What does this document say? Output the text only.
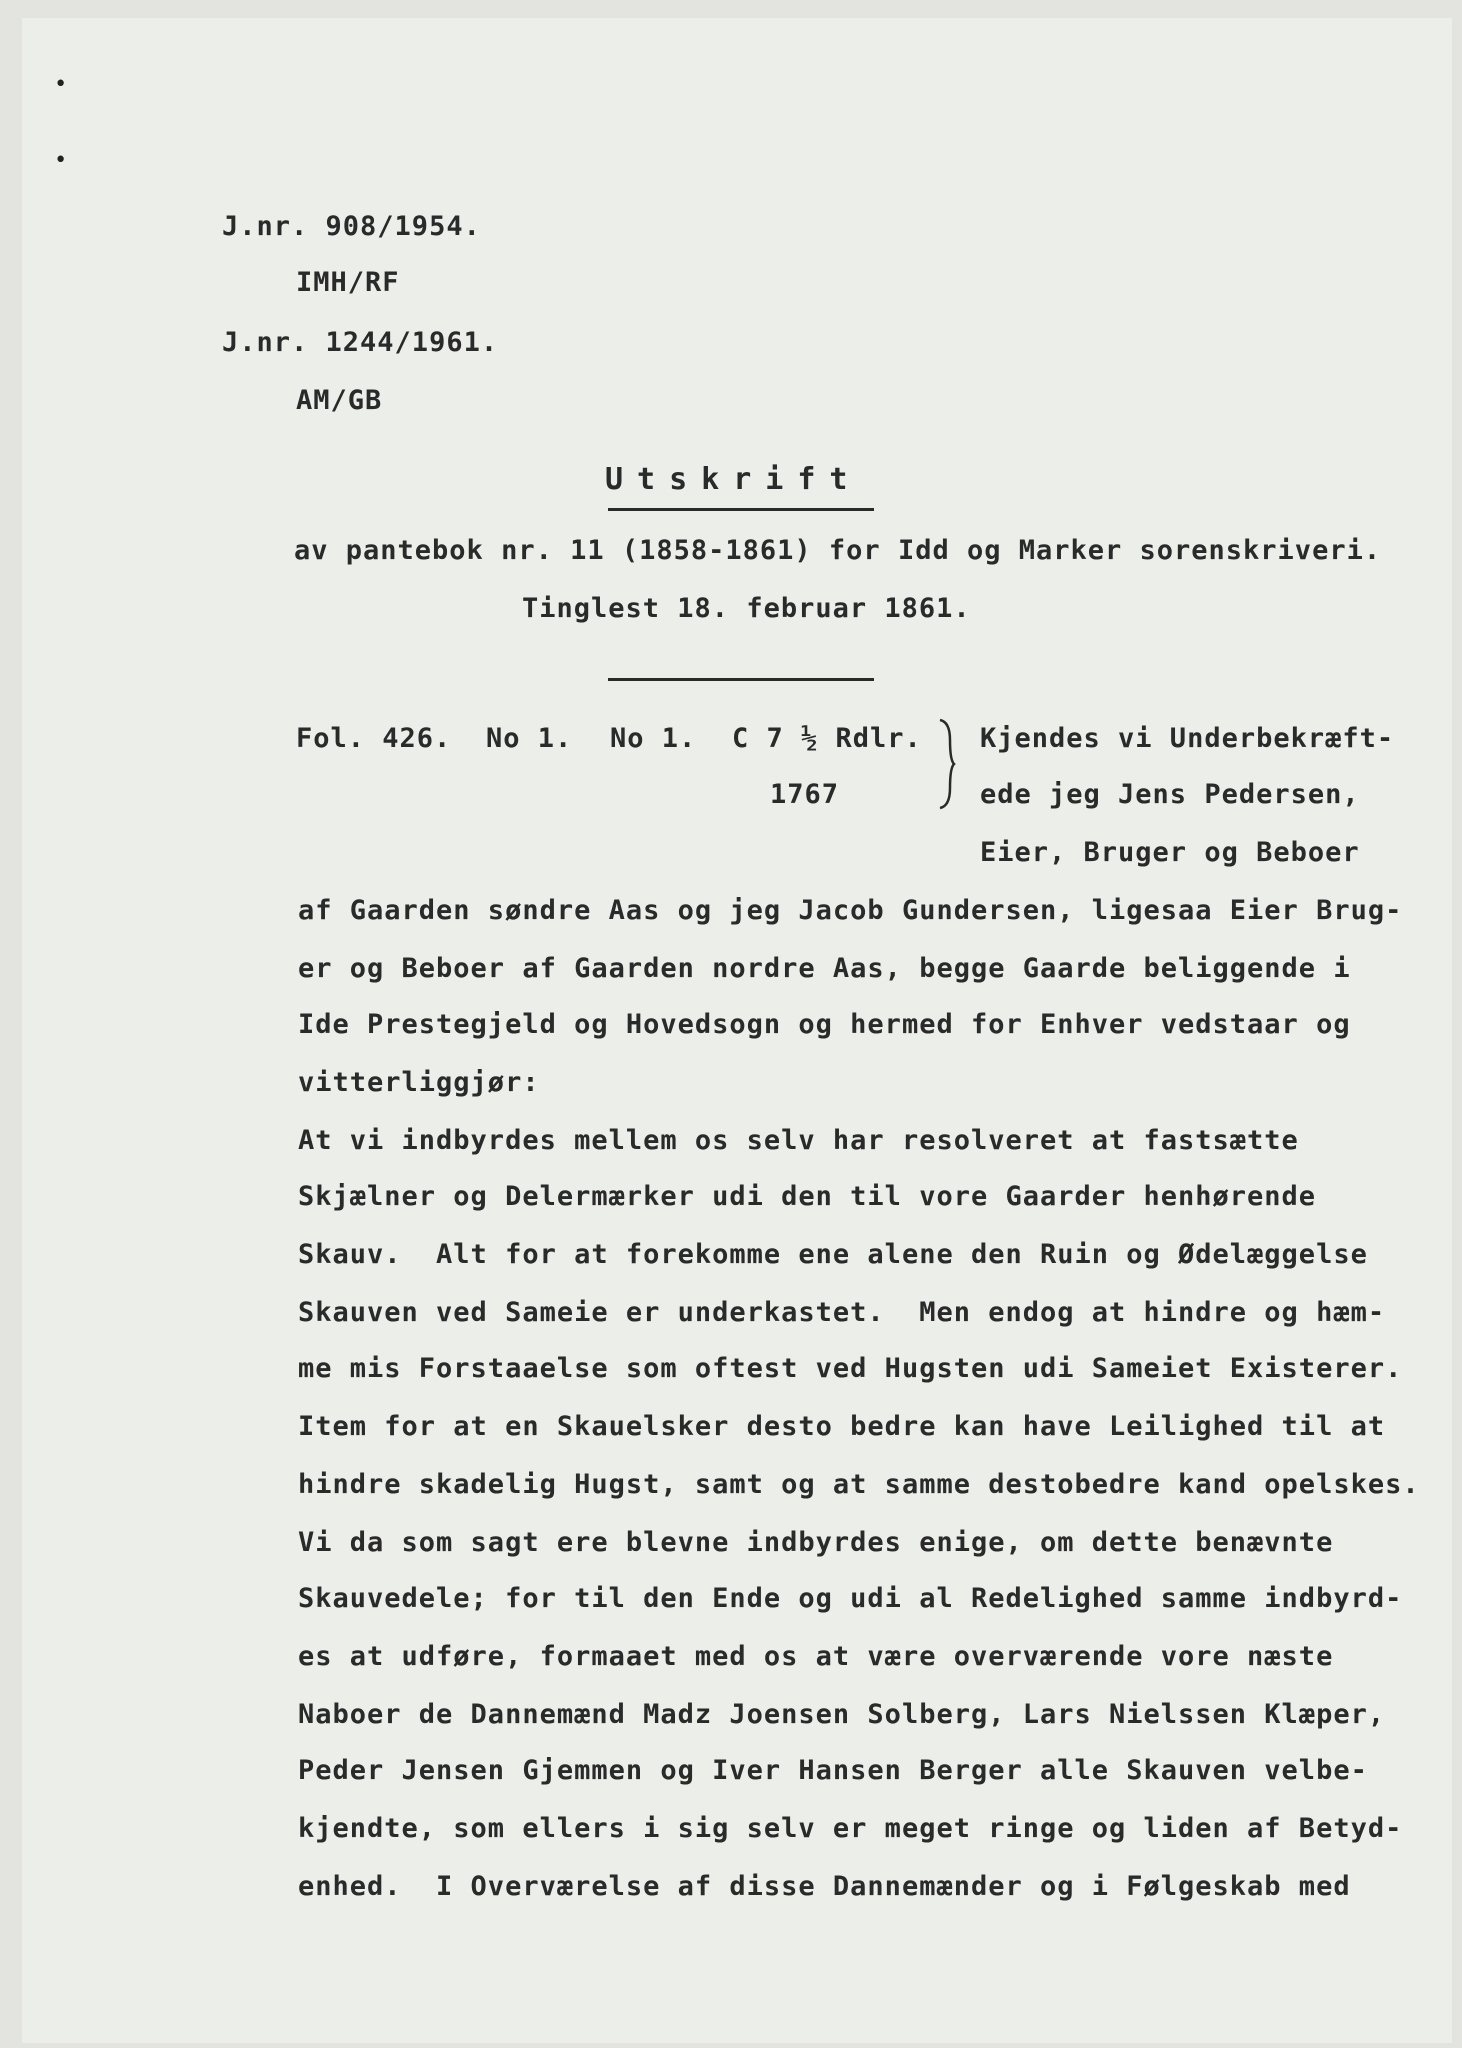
•
•
J.nr. 908/1954.
IMH/RF
J.nr. 1244/1961.
AM/GB
Utskrift
av pantebok nr. 11 (1858-1861) for Idd og Marker sorenskriveri.
Tinglest 18. februar 1861.
Fol. 426. No 1. No 1. C 7 ½ Rdlr.
1767
Kjendes vi Underbekræft-
ede jeg Jens Pedersen,
Eier, Bruger og Beboer
af Gaarden søndre Aas og jeg Jacob Gundersen, ligesaa Eier Brug-
er og Beboer af Gaarden nordre Aas, begge Gaarde beliggende i
Ide Prestegjeld og Hovedsogn og hermed for Enhver vedstaar og
vitterliggjør:
At vi indbyrdes mellem os selv har resolveret at fastsætte
Skjælner og Delermærker udi den til vore Gaarder henhørende
Skauv.  Alt for at forekomme ene alene den Ruin og Ødelæggelse
Skauven ved Sameie er underkastet.  Men endog at hindre og hæm-
me mis Forstaaelse som oftest ved Hugsten udi Sameiet Existerer.
Item for at en Skauelsker desto bedre kan have Leilighed til at
hindre skadelig Hugst, samt og at samme destobedre kand opelskes.
Vi da som sagt ere blevne indbyrdes enige, om dette benævnte
Skauvedele; for til den Ende og udi al Redelighed samme indbyrd-
es at udføre, formaaet med os at være overværende vore næste
Naboer de Dannemænd Madz Joensen Solberg, Lars Nielssen Klæper,
Peder Jensen Gjemmen og Iver Hansen Berger alle Skauven velbe-
kjendte, som ellers i sig selv er meget ringe og liden af Betyd-
enhed.  I Overværelse af disse Dannemænder og i Følgeskab med
